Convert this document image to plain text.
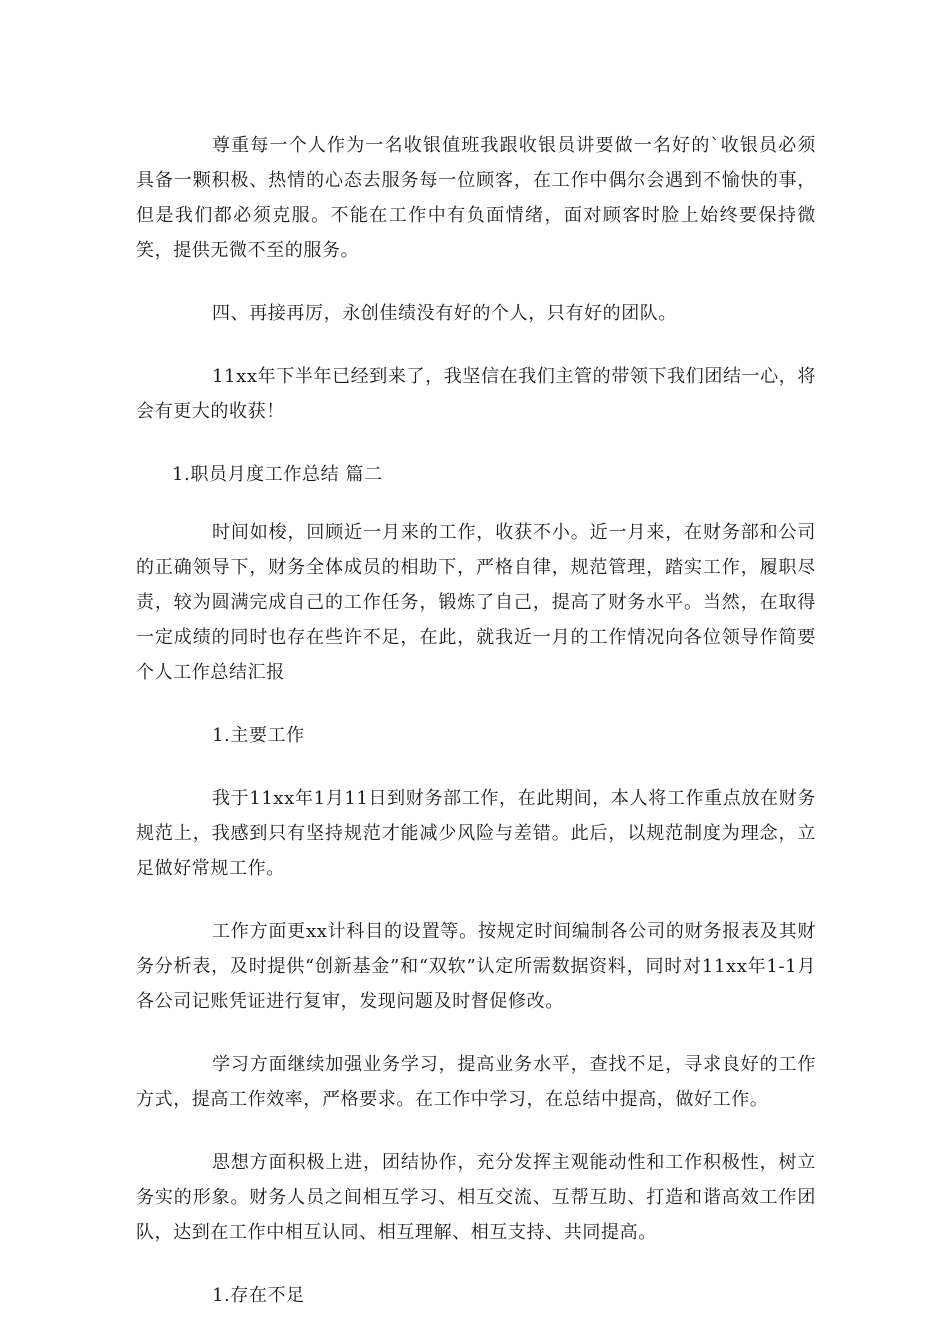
尊重每一个人作为一名收银值班我跟收银员讲要做一名好的`收银员必须具备一颗积极、热情的心态去服务每一位顾客，在工作中偶尔会遇到不愉快的事，但是我们都必须克服。不能在工作中有负面情绪，面对顾客时脸上始终要保持微笑，提供无微不至的服务。

四、再接再厉，永创佳绩没有好的个人，只有好的团队。

11xx年下半年已经到来了，我坚信在我们主管的带领下我们团结一心，将会有更大的收获！

1.职员月度工作总结 篇二

时间如梭，回顾近一月来的工作，收获不小。近一月来，在财务部和公司的正确领导下，财务全体成员的相助下，严格自律，规范管理，踏实工作，履职尽责，较为圆满完成自己的工作任务，锻炼了自己，提高了财务水平。当然，在取得一定成绩的同时也存在些许不足，在此，就我近一月的工作情况向各位领导作简要个人工作总结汇报

1.主要工作

我于11xx年1月11日到财务部工作，在此期间，本人将工作重点放在财务规范上，我感到只有坚持规范才能减少风险与差错。此后，以规范制度为理念，立足做好常规工作。

工作方面更xx计科目的设置等。按规定时间编制各公司的财务报表及其财务分析表，及时提供“创新基金”和“双软”认定所需数据资料，同时对11xx年1-1月各公司记账凭证进行复审，发现问题及时督促修改。

学习方面继续加强业务学习，提高业务水平，查找不足，寻求良好的工作方式，提高工作效率，严格要求。在工作中学习，在总结中提高，做好工作。

思想方面积极上进，团结协作，充分发挥主观能动性和工作积极性，树立务实的形象。财务人员之间相互学习、相互交流、互帮互助、打造和谐高效工作团队，达到在工作中相互认同、相互理解、相互支持、共同提高。

1.存在不足
